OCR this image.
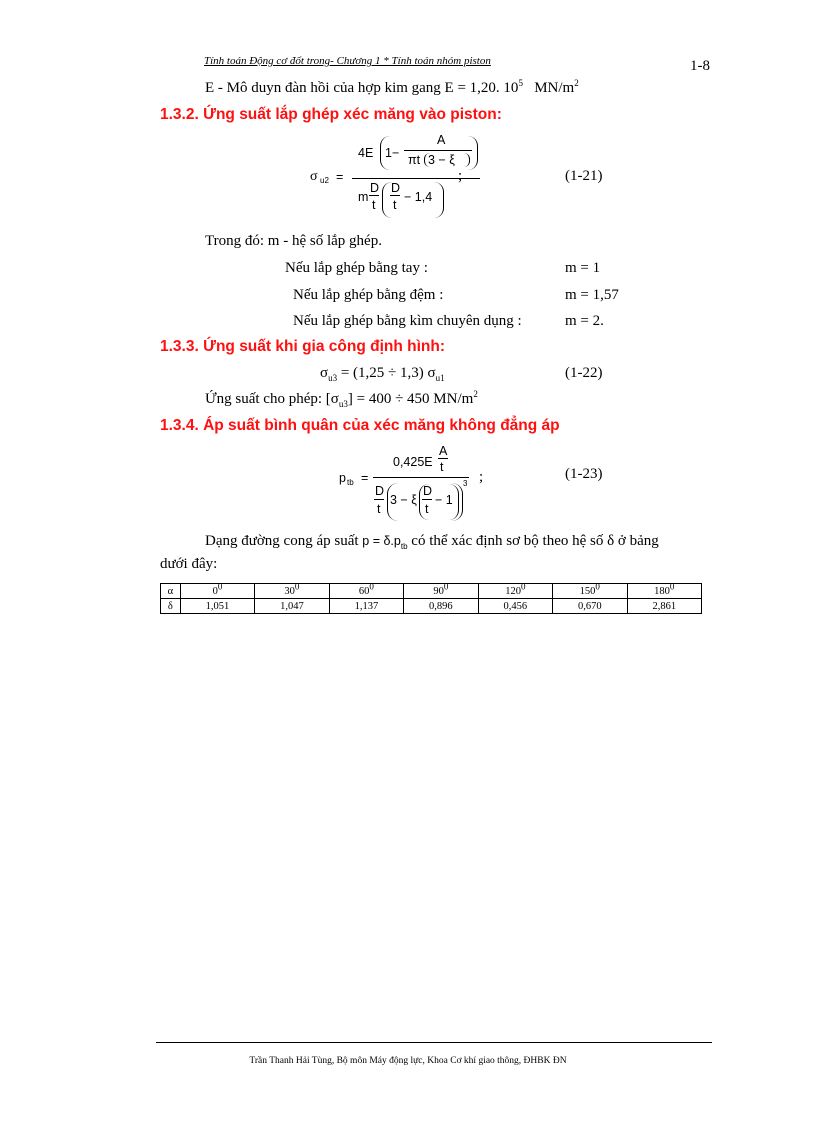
Tính toán Động cơ đốt trong- Chương 1 * Tính toán nhóm piston	1-8
E - Mô duyn đàn hồi của hợp kim gang E = 1,20. $10^5$ $MN/m^2$
1.3.2. Ứng suất lắp ghép xéc măng vào piston:
σ u2 =
4E 1−
A
πt 3 − ξ
m
D
t
D
t
− 1,4
;	(1-21)
Trong đó: m - hệ số lắp ghép.
Nếu lắp ghép bằng tay :	m = 1
Nếu lắp ghép bằng đệm :	m = 1,57
Nếu lắp ghép bằng kìm chuyên dụng :	m = 2.
1.3.3. Ứng suất khi gia công định hình:
$\sigma_{u3} = (1,25 \div 1,3)$ $\sigma_{u1}$	(1-22)
Ứng suất cho phép: $[\sigma_{u3}] = 400 \div 450$ $MN/m^2$
1.3.4. Áp suất bình quân của xéc măng không đẳng áp
p tb =
0,425E
A
t
D
t
3 − ξ
D
t
− 1
3 ;	(1-23)
Dạng đường cong áp suất $p = \delta.p_{tb}$ có thể xác định sơ bộ theo hệ số δ ở bảng
dưới đây:
α	$0^0$	$30^0$	$60^0$	$90^0$	$120^0$	$150^0$	$180^0$
δ	1,051	1,047	1,137	0,896	0,456	0,670	2,861
Trần Thanh Hải Tùng, Bộ môn Máy động lực, Khoa Cơ khí giao thông, ĐHBK ĐN
